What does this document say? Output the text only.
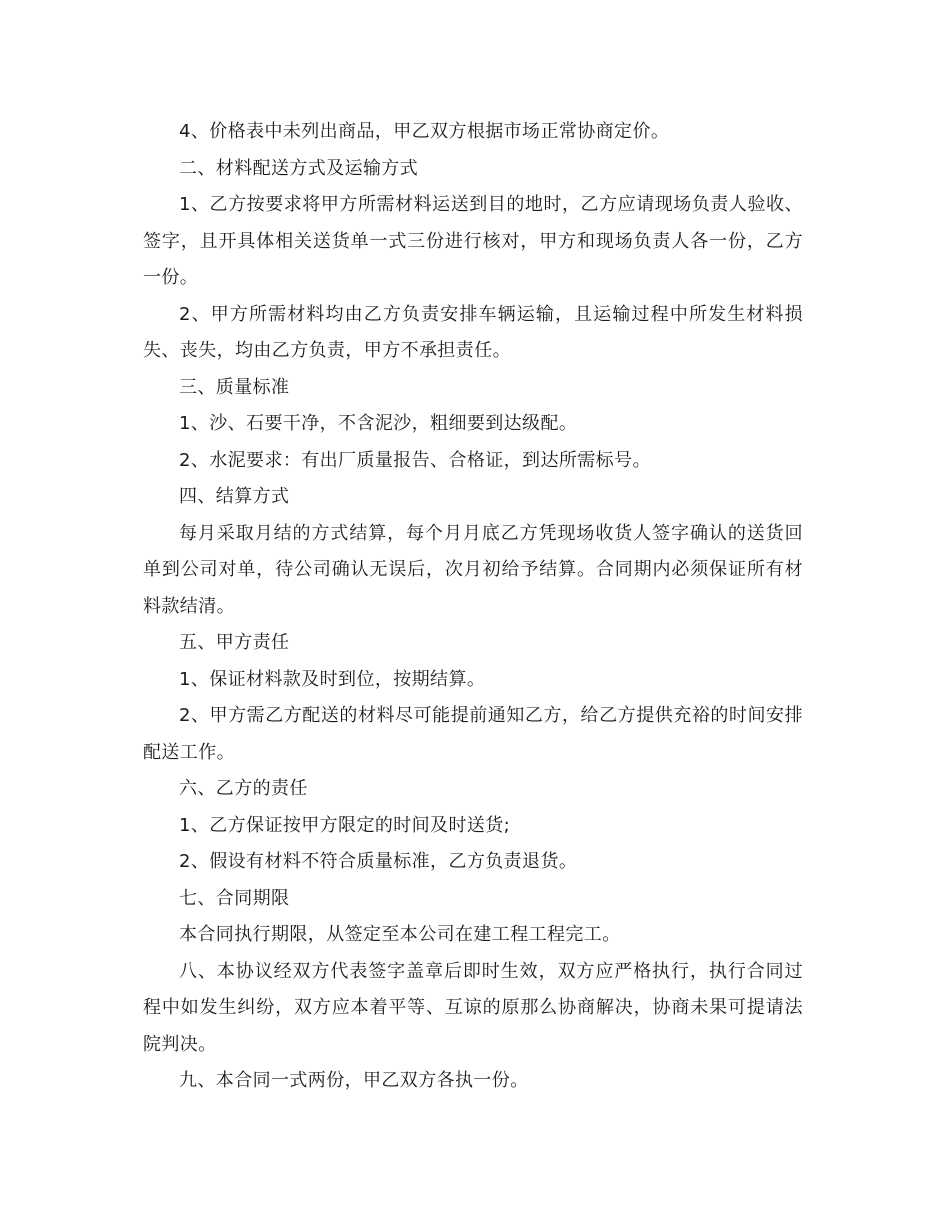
4、价格表中未列出商品，甲乙双方根据市场正常协商定价。

二、材料配送方式及运输方式

1、乙方按要求将甲方所需材料运送到目的地时，乙方应请现场负责人验收、签字，且开具体相关送货单一式三份进行核对，甲方和现场负责人各一份，乙方一份。

2、甲方所需材料均由乙方负责安排车辆运输，且运输过程中所发生材料损失、丧失，均由乙方负责，甲方不承担责任。

三、质量标准

1、沙、石要干净，不含泥沙，粗细要到达级配。

2、水泥要求：有出厂质量报告、合格证，到达所需标号。

四、结算方式

每月采取月结的方式结算，每个月月底乙方凭现场收货人签字确认的送货回单到公司对单，待公司确认无误后，次月初给予结算。合同期内必须保证所有材料款结清。

五、甲方责任

1、保证材料款及时到位，按期结算。

2、甲方需乙方配送的材料尽可能提前通知乙方，给乙方提供充裕的时间安排配送工作。

六、乙方的责任

1、乙方保证按甲方限定的时间及时送货;

2、假设有材料不符合质量标准，乙方负责退货。

七、合同期限

本合同执行期限，从签定至本公司在建工程工程完工。

八、本协议经双方代表签字盖章后即时生效，双方应严格执行，执行合同过程中如发生纠纷，双方应本着平等、互谅的原那么协商解决，协商未果可提请法院判决。

九、本合同一式两份，甲乙双方各执一份。
